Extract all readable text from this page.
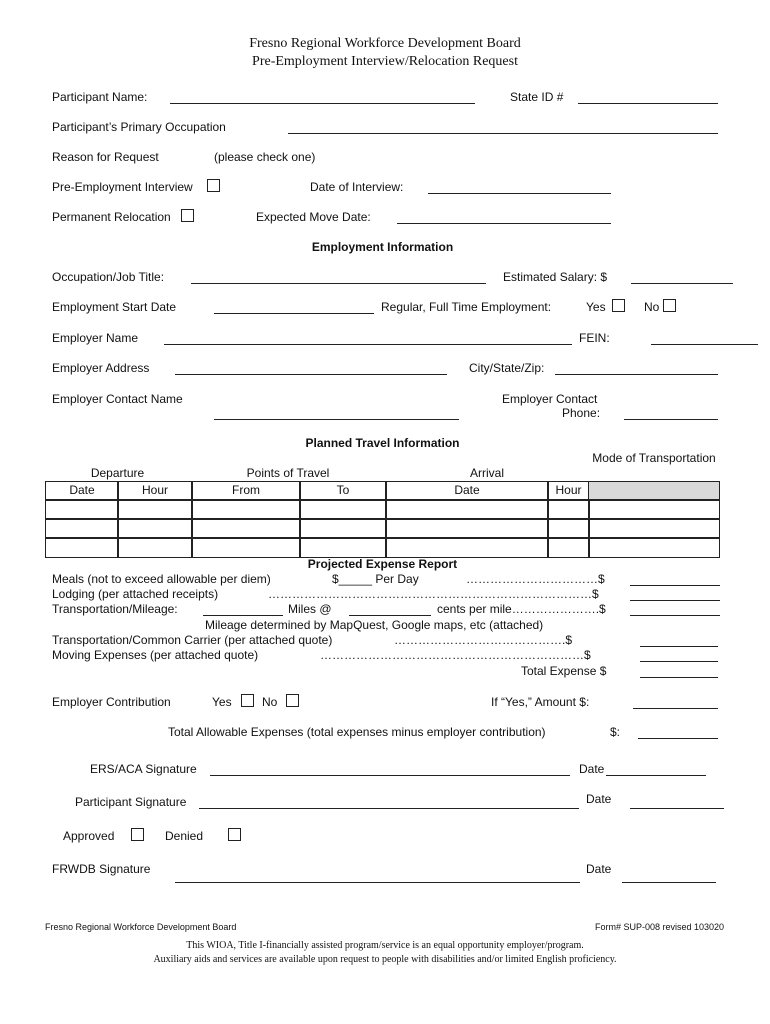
Fresno Regional Workforce Development Board
Pre-Employment Interview/Relocation Request
Participant Name:	State ID #
Participant’s Primary Occupation
Reason for Request	(please check one)
Pre-Employment Interview	Date of Interview:
Permanent Relocation	Expected Move Date:
Employment Information
Occupation/Job Title:	Estimated Salary: $
Employment Start Date	Regular, Full Time Employment:	Yes	No
Employer Name	FEIN:
Employer Address	City/State/Zip:
Employer Contact Name	Employer Contact
Phone:
Planned Travel Information
Departure	Points of Travel	Arrival
Mode of Transportation
Date	Hour	From	To	Date	Hour
Projected Expense Report
Meals (not to exceed allowable per diem)	$_____ Per Day	……………………………$
Lodging (per attached receipts)	………………………………………………………………………$
Transportation/Mileage:	Miles @	cents per mile………………….$
Mileage determined by MapQuest, Google maps, etc (attached)
Transportation/Common Carrier (per attached quote)	…………………………………….$
Moving Expenses (per attached quote)	…………………………………………………………$
Total Expense $
Employer Contribution	Yes	No	If “Yes,” Amount $:
Total Allowable Expenses (total expenses minus employer contribution)	$:
ERS/ACA Signature	Date
Participant Signature	Date
Approved	Denied
FRWDB Signature	Date
Fresno Regional Workforce Development Board	Form# SUP-008 revised 103020
This WIOA, Title I-financially assisted program/service is an equal opportunity employer/program.
Auxiliary aids and services are available upon request to people with disabilities and/or limited English proficiency.
